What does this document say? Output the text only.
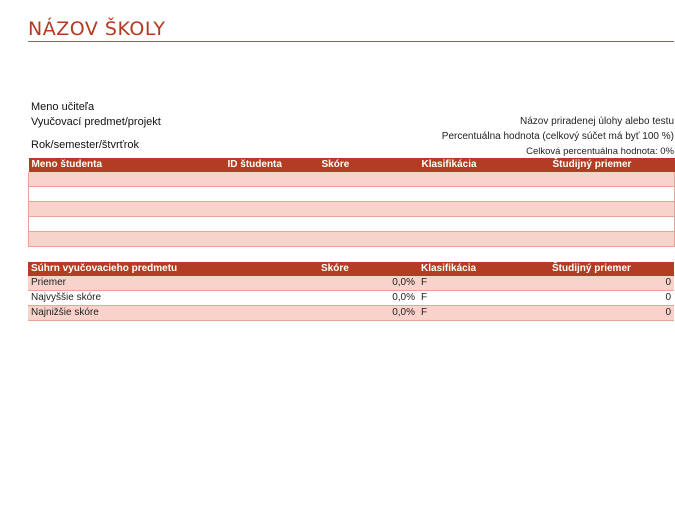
NÁZOV ŠKOLY
Meno učiteľa
Vyučovací predmet/projekt
Rok/semester/štvrťrok
Názov priradenej úlohy alebo testu
Percentuálna hodnota (celkový súčet má byť 100 %)
Celková percentuálna hodnota: 0%
Meno študenta	ID študenta	Skóre	Klasifikácia	Študijný priemer

Súhrn vyučovacieho predmetu	Skóre	Klasifikácia	Študijný priemer
Priemer	0,0%	F	0
Najvyššie skóre	0,0%	F	0
Najnižšie skóre	0,0%	F	0
